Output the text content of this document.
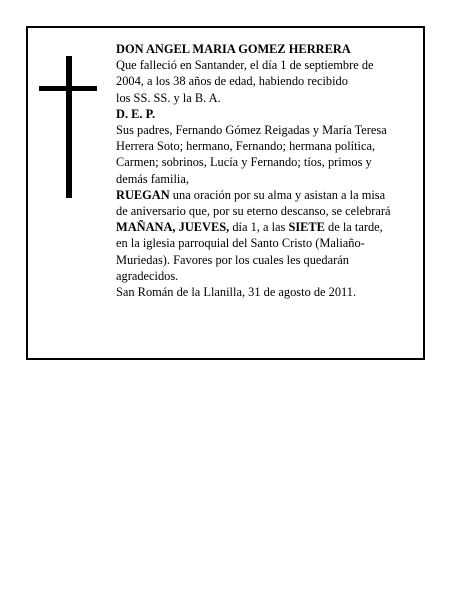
DON ANGEL MARIA GOMEZ HERRERA
Que falleció en Santander, el día 1 de septiembre de
2004, a los 38 años de edad, habiendo recibido
los SS. SS. y la B. A.
D. E. P.
Sus padres, Fernando Gómez Reigadas y María Teresa
Herrera Soto; hermano, Fernando; hermana política,
Carmen; sobrinos, Lucía y Fernando; tíos, primos y
demás familia,
RUEGAN una oración por su alma y asistan a la misa
de aniversario que, por su eterno descanso, se celebrará
MAÑANA, JUEVES, día 1, a las SIETE de la tarde,
en la iglesia parroquial del Santo Cristo (Maliaño-
Muriedas). Favores por los cuales les quedarán
agradecidos.
San Román de la Llanilla, 31 de agosto de 2011.
